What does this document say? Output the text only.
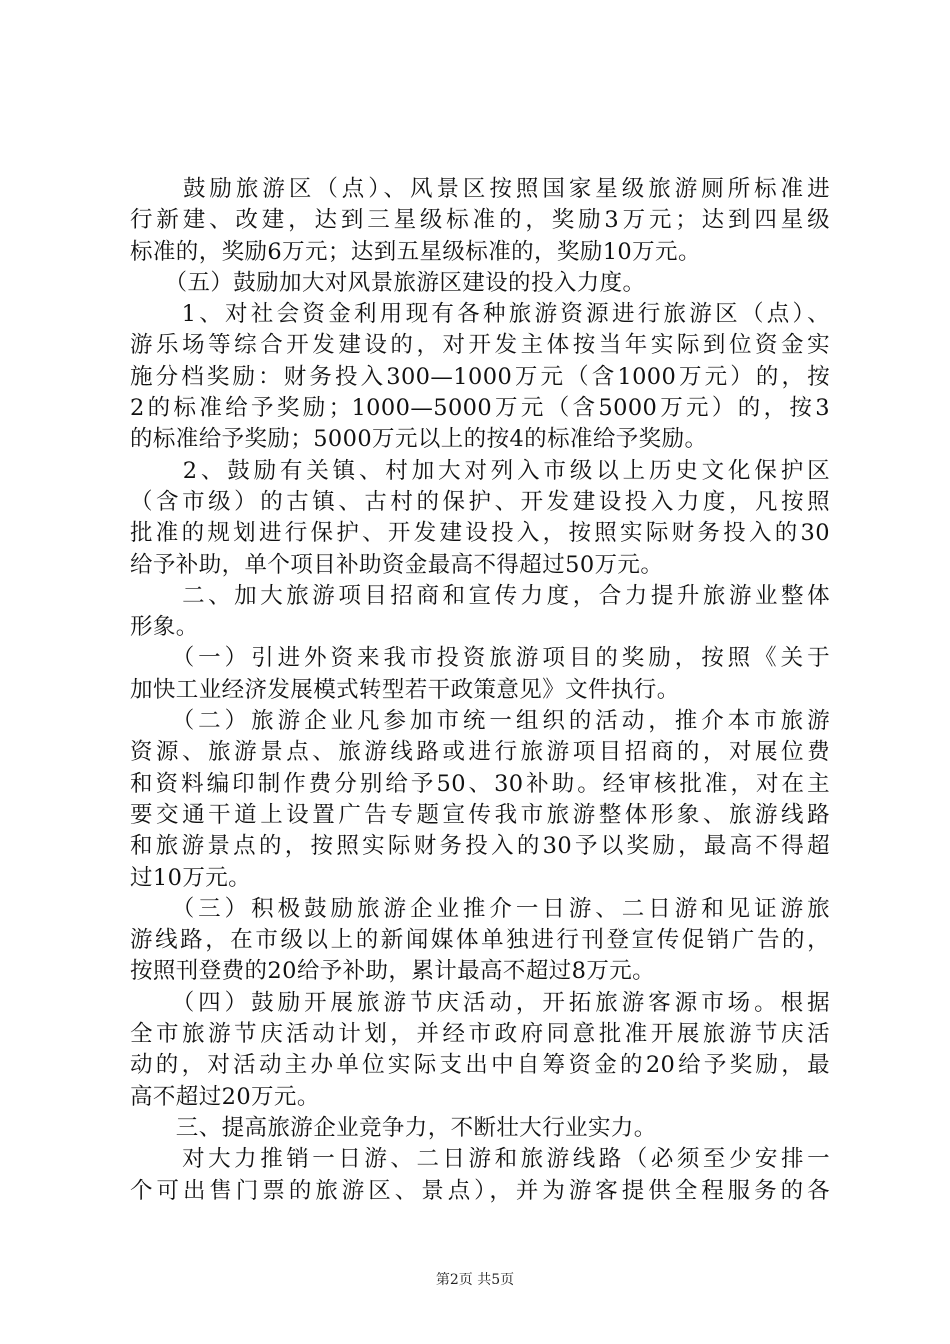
　　鼓励旅游区（点）、风景区按照国家星级旅游厕所标准进
行新建、改建，达到三星级标准的，奖励3万元；达到四星级
标准的，奖励6万元；达到五星级标准的，奖励10万元。
　　（五）鼓励加大对风景旅游区建设的投入力度。
　　1、对社会资金利用现有各种旅游资源进行旅游区（点）、
游乐场等综合开发建设的，对开发主体按当年实际到位资金实
施分档奖励：财务投入300—1000万元（含1000万元）的，按
2的标准给予奖励；1000—5000万元（含5000万元）的，按3
的标准给予奖励；5000万元以上的按4的标准给予奖励。
　　2、鼓励有关镇、村加大对列入市级以上历史文化保护区
（含市级）的古镇、古村的保护、开发建设投入力度，凡按照
批准的规划进行保护、开发建设投入，按照实际财务投入的30
给予补助，单个项目补助资金最高不得超过50万元。
　　二、加大旅游项目招商和宣传力度，合力提升旅游业整体
形象。
　　（一）引进外资来我市投资旅游项目的奖励，按照《关于
加快工业经济发展模式转型若干政策意见》文件执行。
　　（二）旅游企业凡参加市统一组织的活动，推介本市旅游
资源、旅游景点、旅游线路或进行旅游项目招商的，对展位费
和资料编印制作费分别给予50、30补助。经审核批准，对在主
要交通干道上设置广告专题宣传我市旅游整体形象、旅游线路
和旅游景点的，按照实际财务投入的30予以奖励，最高不得超
过10万元。
　　（三）积极鼓励旅游企业推介一日游、二日游和见证游旅
游线路，在市级以上的新闻媒体单独进行刊登宣传促销广告的，
按照刊登费的20给予补助，累计最高不超过8万元。
　　（四）鼓励开展旅游节庆活动，开拓旅游客源市场。根据
全市旅游节庆活动计划，并经市政府同意批准开展旅游节庆活
动的，对活动主办单位实际支出中自筹资金的20给予奖励，最
高不超过20万元。
　　三、提高旅游企业竞争力，不断壮大行业实力。
　　对大力推销一日游、二日游和旅游线路（必须至少安排一
个可出售门票的旅游区、景点），并为游客提供全程服务的各
第2页 共5页
